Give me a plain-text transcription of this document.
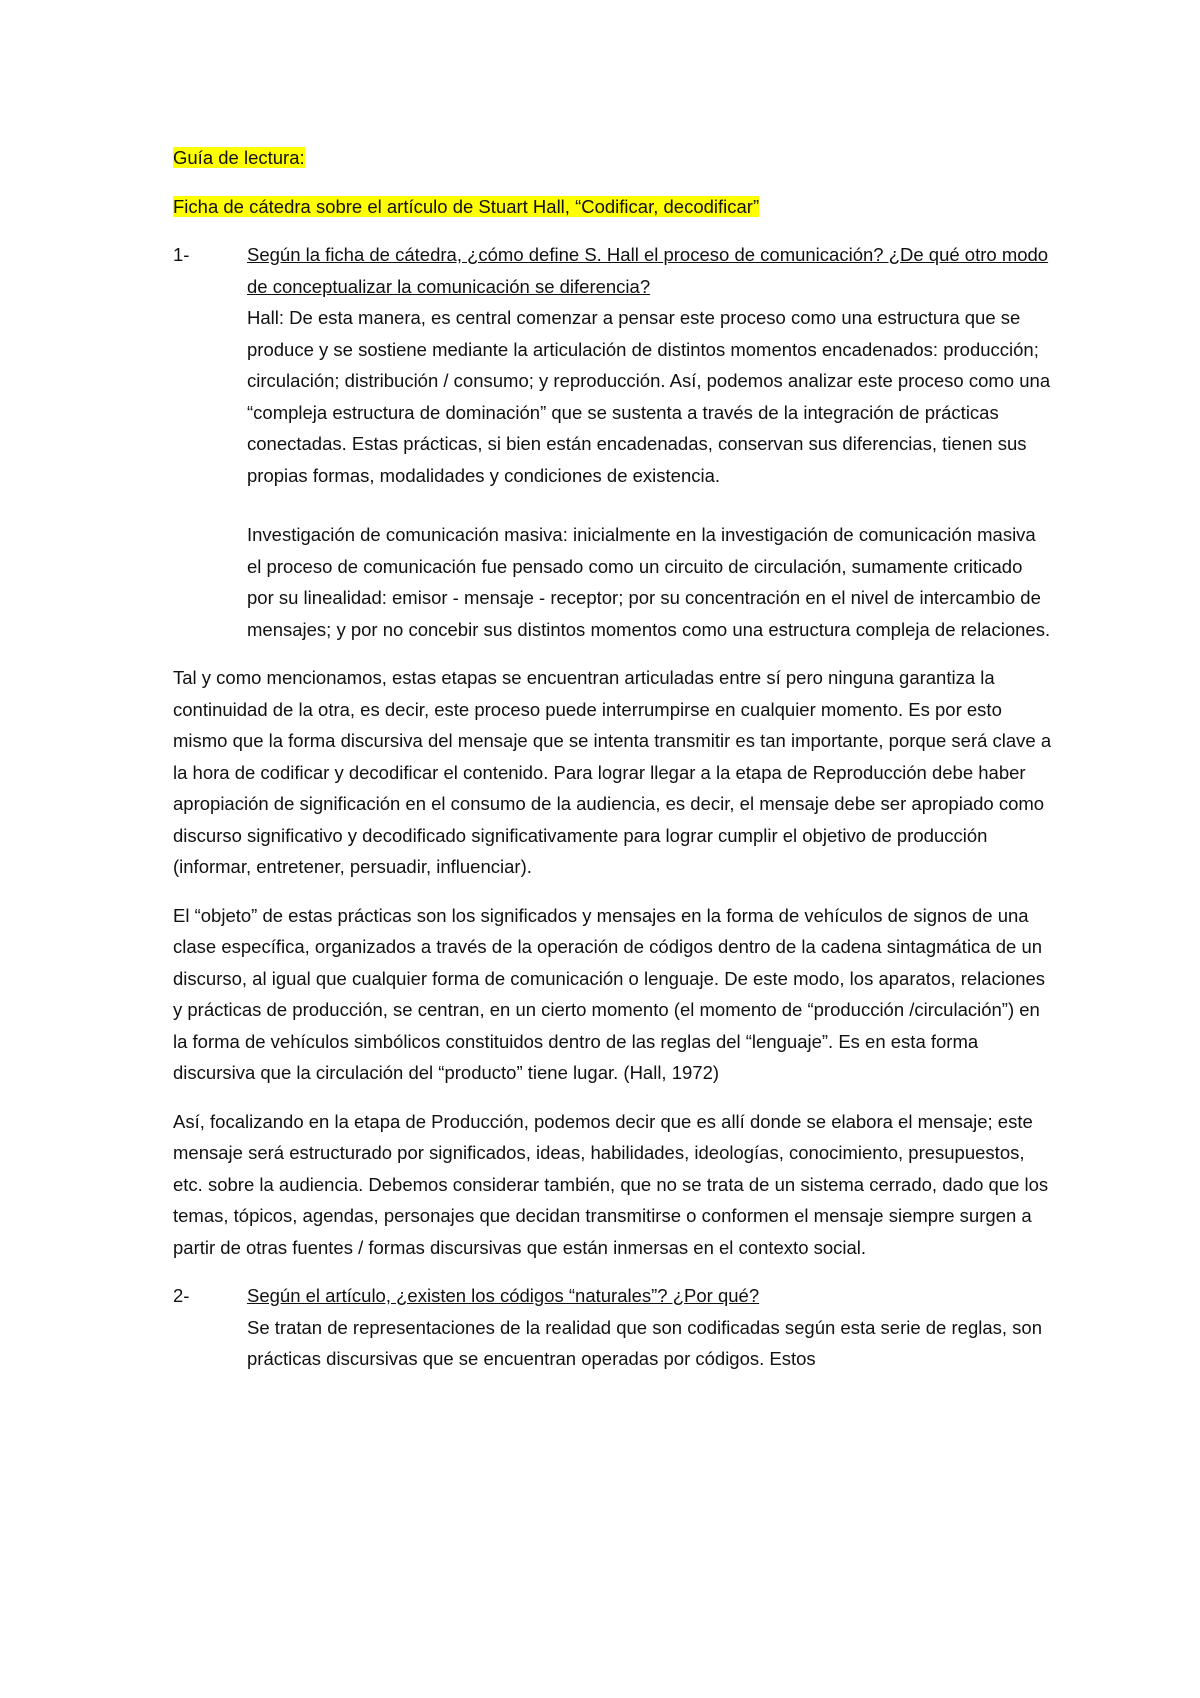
Guía de lectura:

Ficha de cátedra sobre el artículo de Stuart Hall, “Codificar, decodificar”

1-	Según la ficha de cátedra, ¿cómo define S. Hall el proceso de comunicación? ¿De qué otro modo de conceptualizar la comunicación se diferencia?

Hall: De esta manera, es central comenzar a pensar este proceso como una estructura que se produce y se sostiene mediante la articulación de distintos momentos encadenados: producción; circulación; distribución / consumo; y reproducción. Así, podemos analizar este proceso como una “compleja estructura de dominación” que se sustenta a través de la integración de prácticas conectadas. Estas prácticas, si bien están encadenadas, conservan sus diferencias, tienen sus propias formas, modalidades y condiciones de existencia.

Investigación de comunicación masiva: inicialmente en la investigación de comunicación masiva el proceso de comunicación fue pensado como un circuito de circulación, sumamente criticado por su linealidad: emisor - mensaje - receptor; por su concentración en el nivel de intercambio de mensajes; y por no concebir sus distintos momentos como una estructura compleja de relaciones.

Tal y como mencionamos, estas etapas se encuentran articuladas entre sí pero ninguna garantiza la continuidad de la otra, es decir, este proceso puede interrumpirse en cualquier momento. Es por esto mismo que la forma discursiva del mensaje que se intenta transmitir es tan importante, porque será clave a la hora de codificar y decodificar el contenido. Para lograr llegar a la etapa de Reproducción debe haber apropiación de significación en el consumo de la audiencia, es decir, el mensaje debe ser apropiado como discurso significativo y decodificado significativamente para lograr cumplir el objetivo de producción (informar, entretener, persuadir, influenciar).

El “objeto” de estas prácticas son los significados y mensajes en la forma de vehículos de signos de una clase específica, organizados a través de la operación de códigos dentro de la cadena sintagmática de un discurso, al igual que cualquier forma de comunicación o lenguaje. De este modo, los aparatos, relaciones y prácticas de producción, se centran, en un cierto momento (el momento de “producción /circulación”) en la forma de vehículos simbólicos constituidos dentro de las reglas del “lenguaje”. Es en esta forma discursiva que la circulación del “producto” tiene lugar. (Hall, 1972)

Así, focalizando en la etapa de Producción, podemos decir que es allí donde se elabora el mensaje; este mensaje será estructurado por significados, ideas, habilidades, ideologías, conocimiento, presupuestos, etc. sobre la audiencia. Debemos considerar también, que no se trata de un sistema cerrado, dado que los temas, tópicos, agendas, personajes que decidan transmitirse o conformen el mensaje siempre surgen a partir de otras fuentes / formas discursivas que están inmersas en el contexto social.

2-	Según el artículo, ¿existen los códigos “naturales”? ¿Por qué?

Se tratan de representaciones de la realidad que son codificadas según esta serie de reglas, son prácticas discursivas que se encuentran operadas por códigos. Estos
